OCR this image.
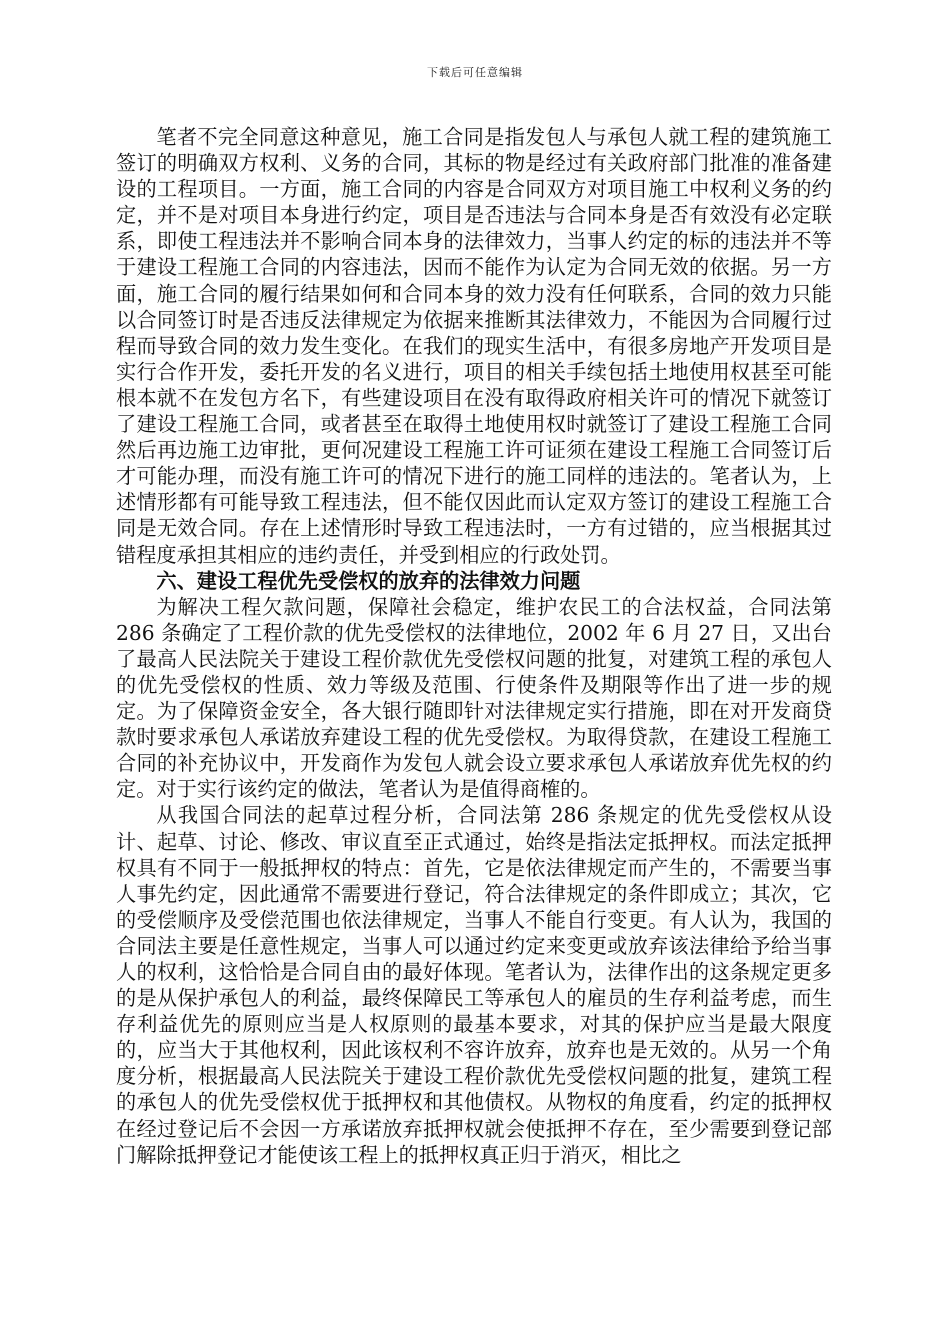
下载后可任意编辑

笔者不完全同意这种意见，施工合同是指发包人与承包人就工程的建筑施工签订的明确双方权利、义务的合同，其标的物是经过有关政府部门批准的准备建设的工程项目。一方面，施工合同的内容是合同双方对项目施工中权利义务的约定，并不是对项目本身进行约定，项目是否违法与合同本身是否有效没有必定联系，即使工程违法并不影响合同本身的法律效力，当事人约定的标的违法并不等于建设工程施工合同的内容违法，因而不能作为认定为合同无效的依据。另一方面，施工合同的履行结果如何和合同本身的效力没有任何联系，合同的效力只能以合同签订时是否违反法律规定为依据来推断其法律效力，不能因为合同履行过程而导致合同的效力发生变化。在我们的现实生活中，有很多房地产开发项目是实行合作开发，委托开发的名义进行，项目的相关手续包括土地使用权甚至可能根本就不在发包方名下，有些建设项目在没有取得政府相关许可的情况下就签订了建设工程施工合同，或者甚至在取得土地使用权时就签订了建设工程施工合同然后再边施工边审批，更何况建设工程施工许可证须在建设工程施工合同签订后才可能办理，而没有施工许可的情况下进行的施工同样的违法的。笔者认为，上述情形都有可能导致工程违法，但不能仅因此而认定双方签订的建设工程施工合同是无效合同。存在上述情形时导致工程违法时，一方有过错的，应当根据其过错程度承担其相应的违约责任，并受到相应的行政处罚。

六、建设工程优先受偿权的放弃的法律效力问题

为解决工程欠款问题，保障社会稳定，维护农民工的合法权益，合同法第 286 条确定了工程价款的优先受偿权的法律地位，2002 年 6 月 27 日，又出台了最高人民法院关于建设工程价款优先受偿权问题的批复，对建筑工程的承包人的优先受偿权的性质、效力等级及范围、行使条件及期限等作出了进一步的规定。为了保障资金安全，各大银行随即针对法律规定实行措施，即在对开发商贷款时要求承包人承诺放弃建设工程的优先受偿权。为取得贷款，在建设工程施工合同的补充协议中，开发商作为发包人就会设立要求承包人承诺放弃优先权的约定。对于实行该约定的做法，笔者认为是值得商榷的。

从我国合同法的起草过程分析，合同法第 286 条规定的优先受偿权从设计、起草、讨论、修改、审议直至正式通过，始终是指法定抵押权。而法定抵押权具有不同于一般抵押权的特点：首先，它是依法律规定而产生的，不需要当事人事先约定，因此通常不需要进行登记，符合法律规定的条件即成立；其次，它的受偿顺序及受偿范围也依法律规定，当事人不能自行变更。有人认为，我国的合同法主要是任意性规定，当事人可以通过约定来变更或放弃该法律给予给当事人的权利，这恰恰是合同自由的最好体现。笔者认为，法律作出的这条规定更多的是从保护承包人的利益，最终保障民工等承包人的雇员的生存利益考虑，而生存利益优先的原则应当是人权原则的最基本要求，对其的保护应当是最大限度的，应当大于其他权利，因此该权利不容许放弃，放弃也是无效的。从另一个角度分析，根据最高人民法院关于建设工程价款优先受偿权问题的批复，建筑工程的承包人的优先受偿权优于抵押权和其他债权。从物权的角度看，约定的抵押权在经过登记后不会因一方承诺放弃抵押权就会使抵押不存在，至少需要到登记部门解除抵押登记才能使该工程上的抵押权真正归于消灭，相比之
